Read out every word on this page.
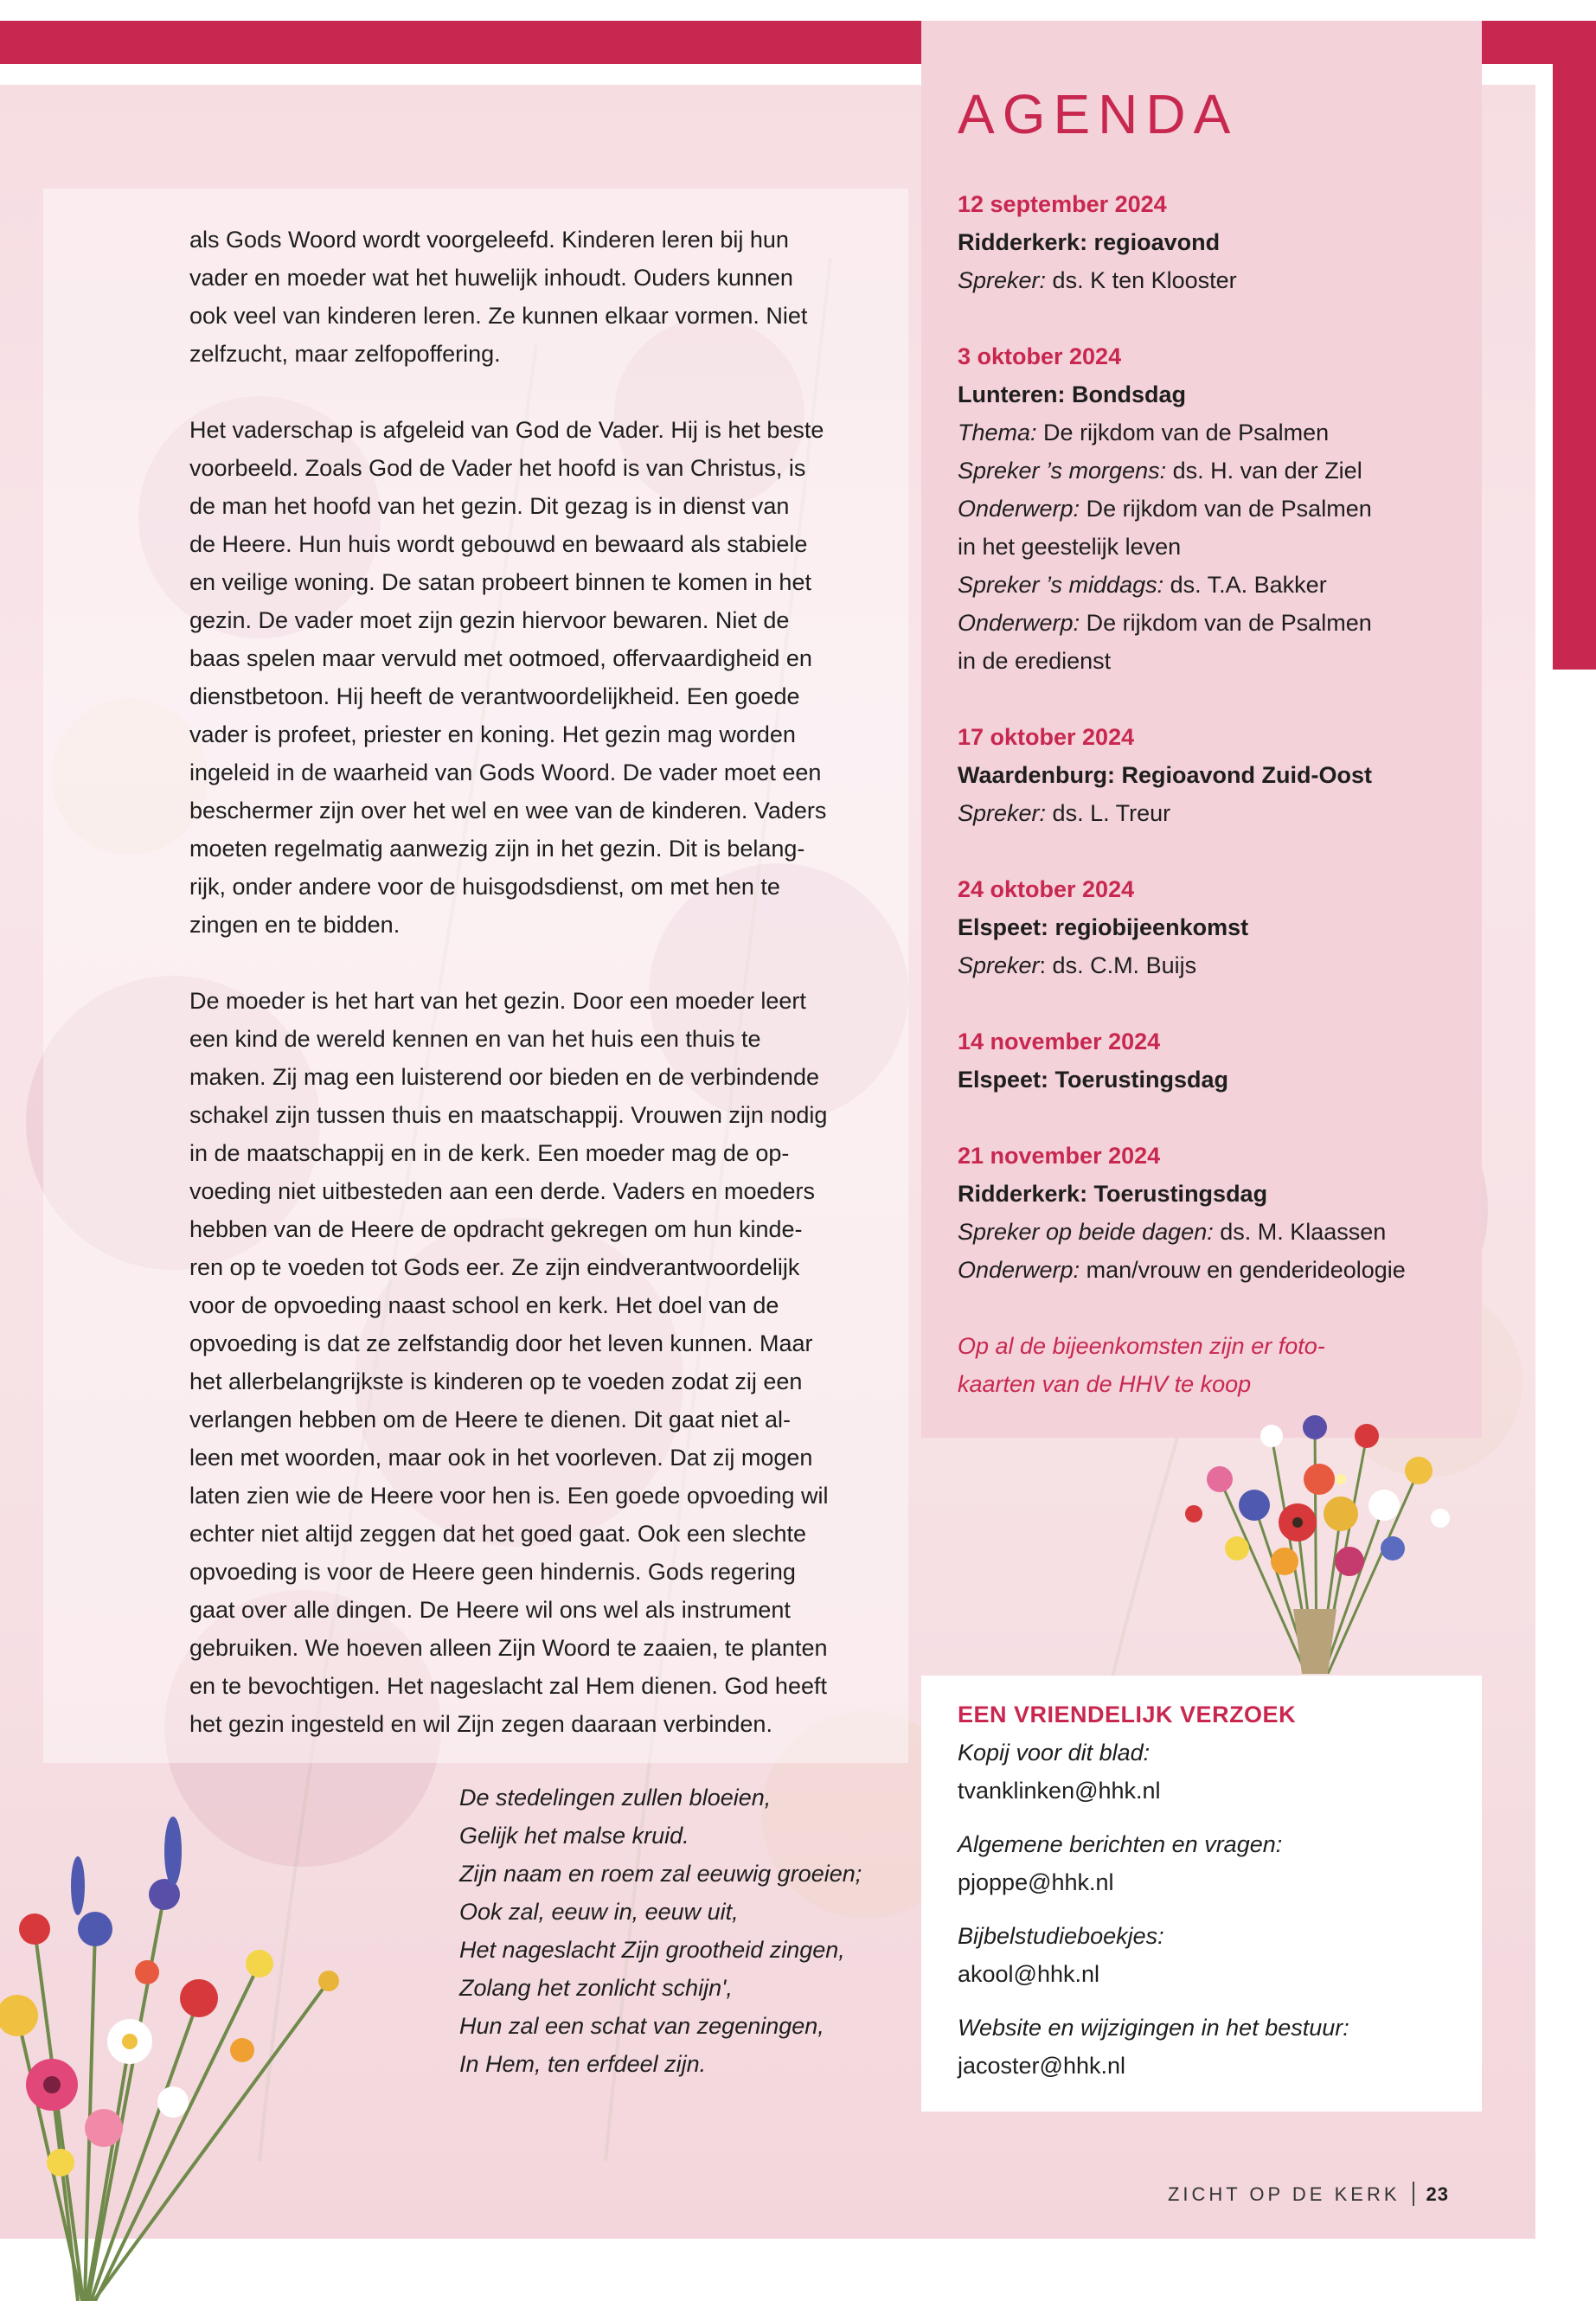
als Gods Woord wordt voorgeleefd. Kinderen leren bij hun
vader en moeder wat het huwelijk inhoudt. Ouders kunnen
ook veel van kinderen leren. Ze kunnen elkaar vormen. Niet
zelfzucht, maar zelfopoffering.

Het vaderschap is afgeleid van God de Vader. Hij is het beste
voorbeeld. Zoals God de Vader het hoofd is van Christus, is
de man het hoofd van het gezin. Dit gezag is in dienst van
de Heere. Hun huis wordt gebouwd en bewaard als stabiele
en veilige woning. De satan probeert binnen te komen in het
gezin. De vader moet zijn gezin hiervoor bewaren. Niet de
baas spelen maar vervuld met ootmoed, offervaardigheid en
dienstbetoon. Hij heeft de verantwoordelijkheid. Een goede
vader is profeet, priester en koning. Het gezin mag worden
ingeleid in de waarheid van Gods Woord. De vader moet een
beschermer zijn over het wel en wee van de kinderen. Vaders
moeten regelmatig aanwezig zijn in het gezin. Dit is belang-
rijk, onder andere voor de huisgodsdienst, om met hen te
zingen en te bidden.

De moeder is het hart van het gezin. Door een moeder leert
een kind de wereld kennen en van het huis een thuis te
maken. Zij mag een luisterend oor bieden en de verbindende
schakel zijn tussen thuis en maatschappij. Vrouwen zijn nodig
in de maatschappij en in de kerk. Een moeder mag de op-
voeding niet uitbesteden aan een derde. Vaders en moeders
hebben van de Heere de opdracht gekregen om hun kinde-
ren op te voeden tot Gods eer. Ze zijn eindverantwoordelijk
voor de opvoeding naast school en kerk. Het doel van de
opvoeding is dat ze zelfstandig door het leven kunnen. Maar
het allerbelangrijkste is kinderen op te voeden zodat zij een
verlangen hebben om de Heere te dienen. Dit gaat niet al-
leen met woorden, maar ook in het voorleven. Dat zij mogen
laten zien wie de Heere voor hen is. Een goede opvoeding wil
echter niet altijd zeggen dat het goed gaat. Ook een slechte
opvoeding is voor de Heere geen hindernis. Gods regering
gaat over alle dingen. De Heere wil ons wel als instrument
gebruiken. We hoeven alleen Zijn Woord te zaaien, te planten
en te bevochtigen. Het nageslacht zal Hem dienen. God heeft
het gezin ingesteld en wil Zijn zegen daaraan verbinden.

De stedelingen zullen bloeien,
Gelijk het malse kruid.
Zijn naam en roem zal eeuwig groeien;
Ook zal, eeuw in, eeuw uit,
Het nageslacht Zijn grootheid zingen,
Zolang het zonlicht schijn',
Hun zal een schat van zegeningen,
In Hem, ten erfdeel zijn.
AGENDA
12 september 2024
Ridderkerk: regioavond
Spreker: ds. K ten Klooster
3 oktober 2024
Lunteren: Bondsdag
Thema: De rijkdom van de Psalmen
Spreker ’s morgens: ds. H. van der Ziel
Onderwerp: De rijkdom van de Psalmen
in het geestelijk leven
Spreker ’s middags: ds. T.A. Bakker
Onderwerp: De rijkdom van de Psalmen
in de eredienst
17 oktober 2024
Waardenburg: Regioavond Zuid-Oost
Spreker: ds. L. Treur
24 oktober 2024
Elspeet: regiobijeenkomst
Spreker: ds. C.M. Buijs
14 november 2024
Elspeet: Toerustingsdag
21 november 2024
Ridderkerk: Toerustingsdag
Spreker op beide dagen: ds. M. Klaassen
Onderwerp: man/vrouw en genderideologie
Op al de bijeenkomsten zijn er foto-
kaarten van de HHV te koop
EEN VRIENDELIJK VERZOEK
Kopij voor dit blad:
tvanklinken@hhk.nl
Algemene berichten en vragen:
pjoppe@hhk.nl
Bijbelstudieboekjes:
akool@hhk.nl
Website en wijzigingen in het bestuur:
jacoster@hhk.nl
ZICHT OP DE KERK 23
